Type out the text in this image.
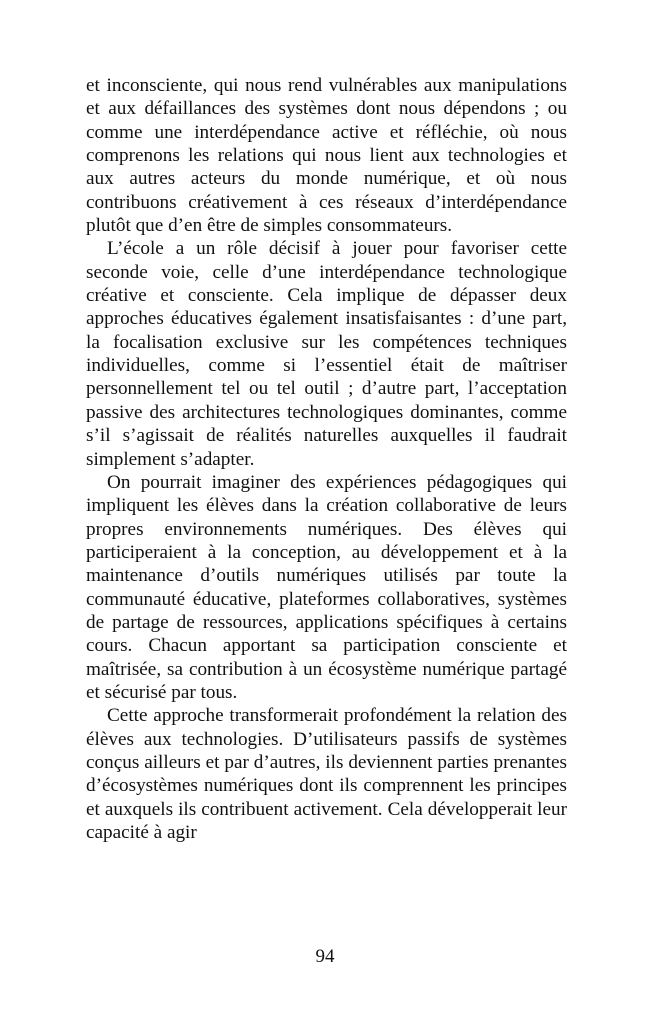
et inconsciente, qui nous rend vulnérables aux manipulations et aux défaillances des systèmes dont nous dépendons ; ou comme une interdépendance active et réfléchie, où nous comprenons les relations qui nous lient aux technologies et aux autres acteurs du monde numérique, et où nous contribuons créativement à ces réseaux d’interdépendance plutôt que d’en être de simples consommateurs.

L’école a un rôle décisif à jouer pour favoriser cette seconde voie, celle d’une interdépendance technologique créative et consciente. Cela implique de dépasser deux approches éducatives également insatisfaisantes : d’une part, la focalisation exclusive sur les compétences techniques individuelles, comme si l’essentiel était de maîtriser personnellement tel ou tel outil ; d’autre part, l’acceptation passive des architectures technologiques dominantes, comme s’il s’agissait de réalités naturelles auxquelles il faudrait simplement s’adapter.

On pourrait imaginer des expériences pédagogiques qui impliquent les élèves dans la création collaborative de leurs propres environnements numériques. Des élèves qui participeraient à la conception, au développement et à la maintenance d’outils numériques utilisés par toute la communauté éducative, plateformes collaboratives, systèmes de partage de ressources, applications spécifiques à certains cours. Chacun apportant sa participation consciente et maîtrisée, sa contribution à un écosystème numérique partagé et sécurisé par tous.

Cette approche transformerait profondément la relation des élèves aux technologies. D’utilisateurs passifs de systèmes conçus ailleurs et par d’autres, ils deviennent parties prenantes d’écosystèmes numériques dont ils comprennent les principes et auxquels ils contribuent activement. Cela développerait leur capacité à agir

94
